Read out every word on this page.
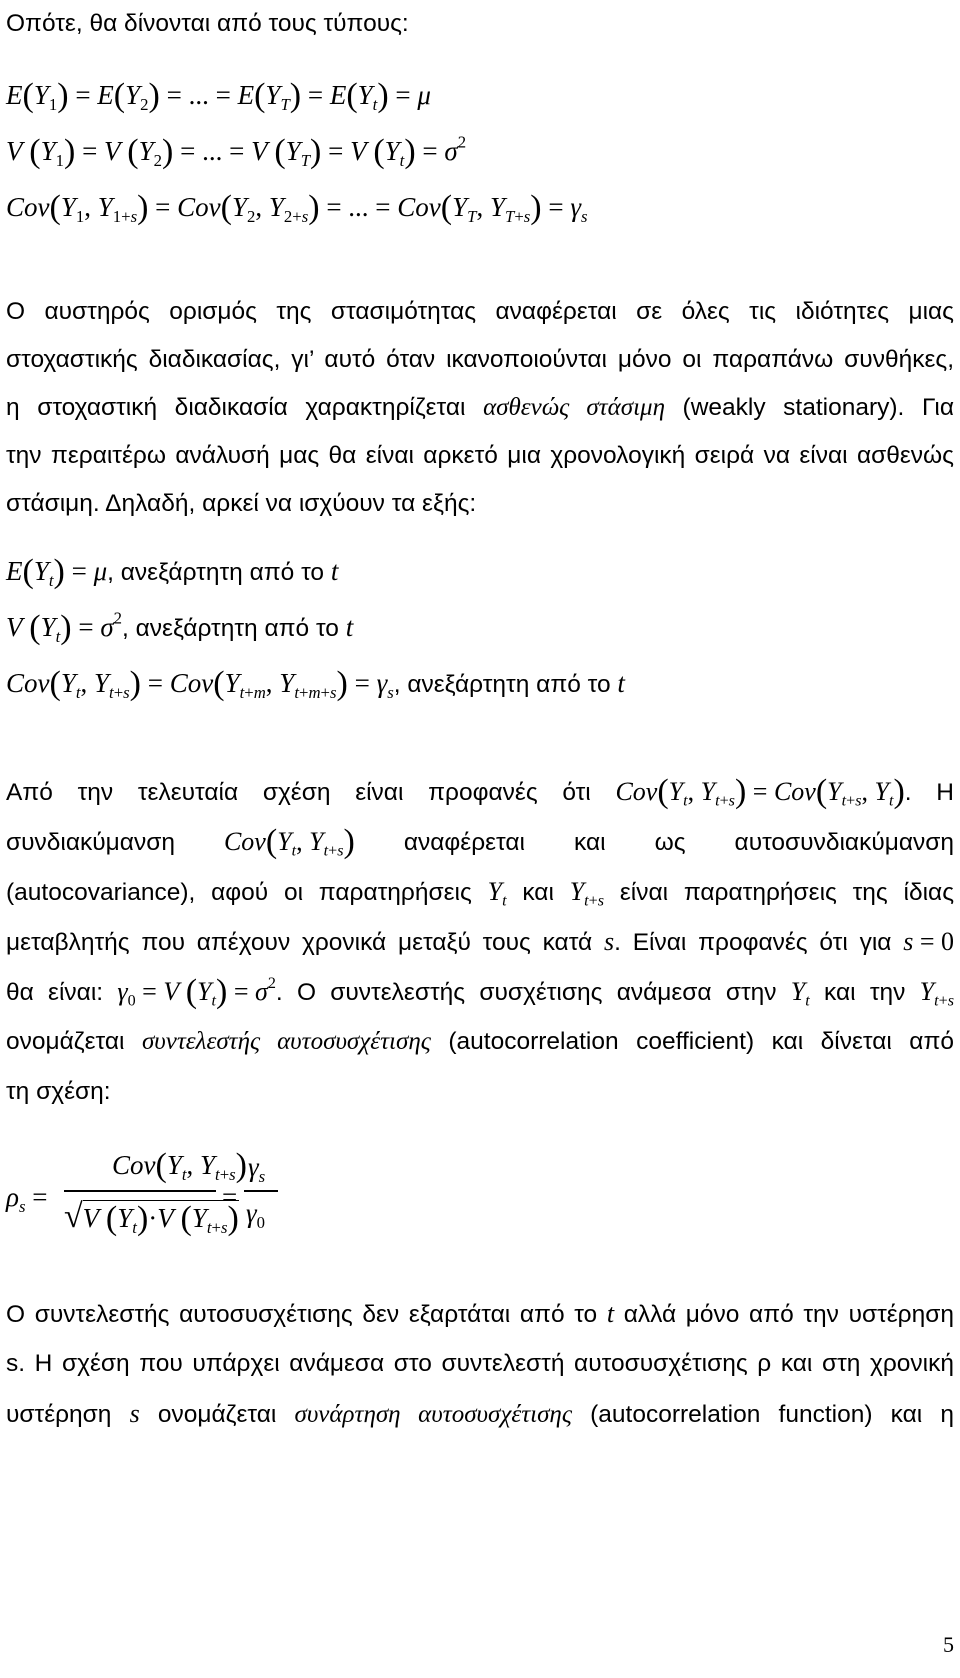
Οπότε, θα δίνονται από τους τύπους:
$E(Y_1) = E(Y_2)$ = ... = $E(Y_T) = E(Y_t) = \mu$
V $(Y_1) = V$ $(Y_2)$ = ... = V $(Y_T) = V$ $(Y_t) = \sigma^2$
$Cov(Y_1$, $Y_{1+s}) = Cov(Y_2$, $Y_{2+s}$) = ... = $Cov(Y_T$, $Y_{T+s}) = \gamma_s$
Ο αυστηρός ορισμός της στασιμότητας αναφέρεται σε όλες τις ιδιότητες μιας
στοχαστικής διαδικασίας, γι’ αυτό όταν ικανοποιούνται μόνο οι παραπάνω συνθήκες,
η στοχαστική διαδικασία χαρακτηρίζεται ασθενώς στάσιμη (weakly stationary). Για
την περαιτέρω ανάλυσή μας θα είναι αρκετό μια χρονολογική σειρά να είναι ασθενώς
στάσιμη. Δηλαδή, αρκεί να ισχύουν τα εξής:
$E(Y_t) = \mu$, ανεξάρτητη από το t
V $(Y_t) = \sigma^2$, ανεξάρτητη από το t
$Cov(Y_t$, $Y_{t+s}) = Cov(Y_{t+m}$, $Y_{t+m+s}) = \gamma_s$, ανεξάρτητη από το t
Από την τελευταία σχέση είναι προφανές ότι $Cov(Y_t$, $Y_{t+s}) = Cov(Y_{t+s}$, $Y_t$). Η
συνδιακύμανση $Cov(Y_t$, $Y_{t+s}$) αναφέρεται και ως αυτοσυνδιακύμανση
(autocovariance), αφού οι παρατηρήσεις $Y_t$ και $Y_{t+s}$ είναι παρατηρήσεις της ίδιας
μεταβλητής που απέχουν χρονικά μεταξύ τους κατά s. Είναι προφανές ότι για s = 0
θα είναι: $\gamma_0 = V$ $(Y_t) = \sigma^2$. Ο συντελεστής συσχέτισης ανάμεσα στην $Y_t$ και την $Y_{t+s}$
ονομάζεται συντελεστής αυτοσυσχέτισης (autocorrelation coefficient) και δίνεται από
τη σχέση:
$\rho_s$ =
$Cov(Y_t$, $Y_{t+s}$)
√V $(Y_t)\cdot V$ $(Y_{t+s})$
=
$\gamma_s$
$\gamma_0$
Ο συντελεστής αυτοσυσχέτισης δεν εξαρτάται από το t αλλά μόνο από την υστέρηση
s. Η σχέση που υπάρχει ανάμεσα στο συντελεστή αυτοσυσχέτισης ρ και στη χρονική
υστέρηση s ονομάζεται συνάρτηση αυτοσυσχέτισης (autocorrelation function) και η
5
